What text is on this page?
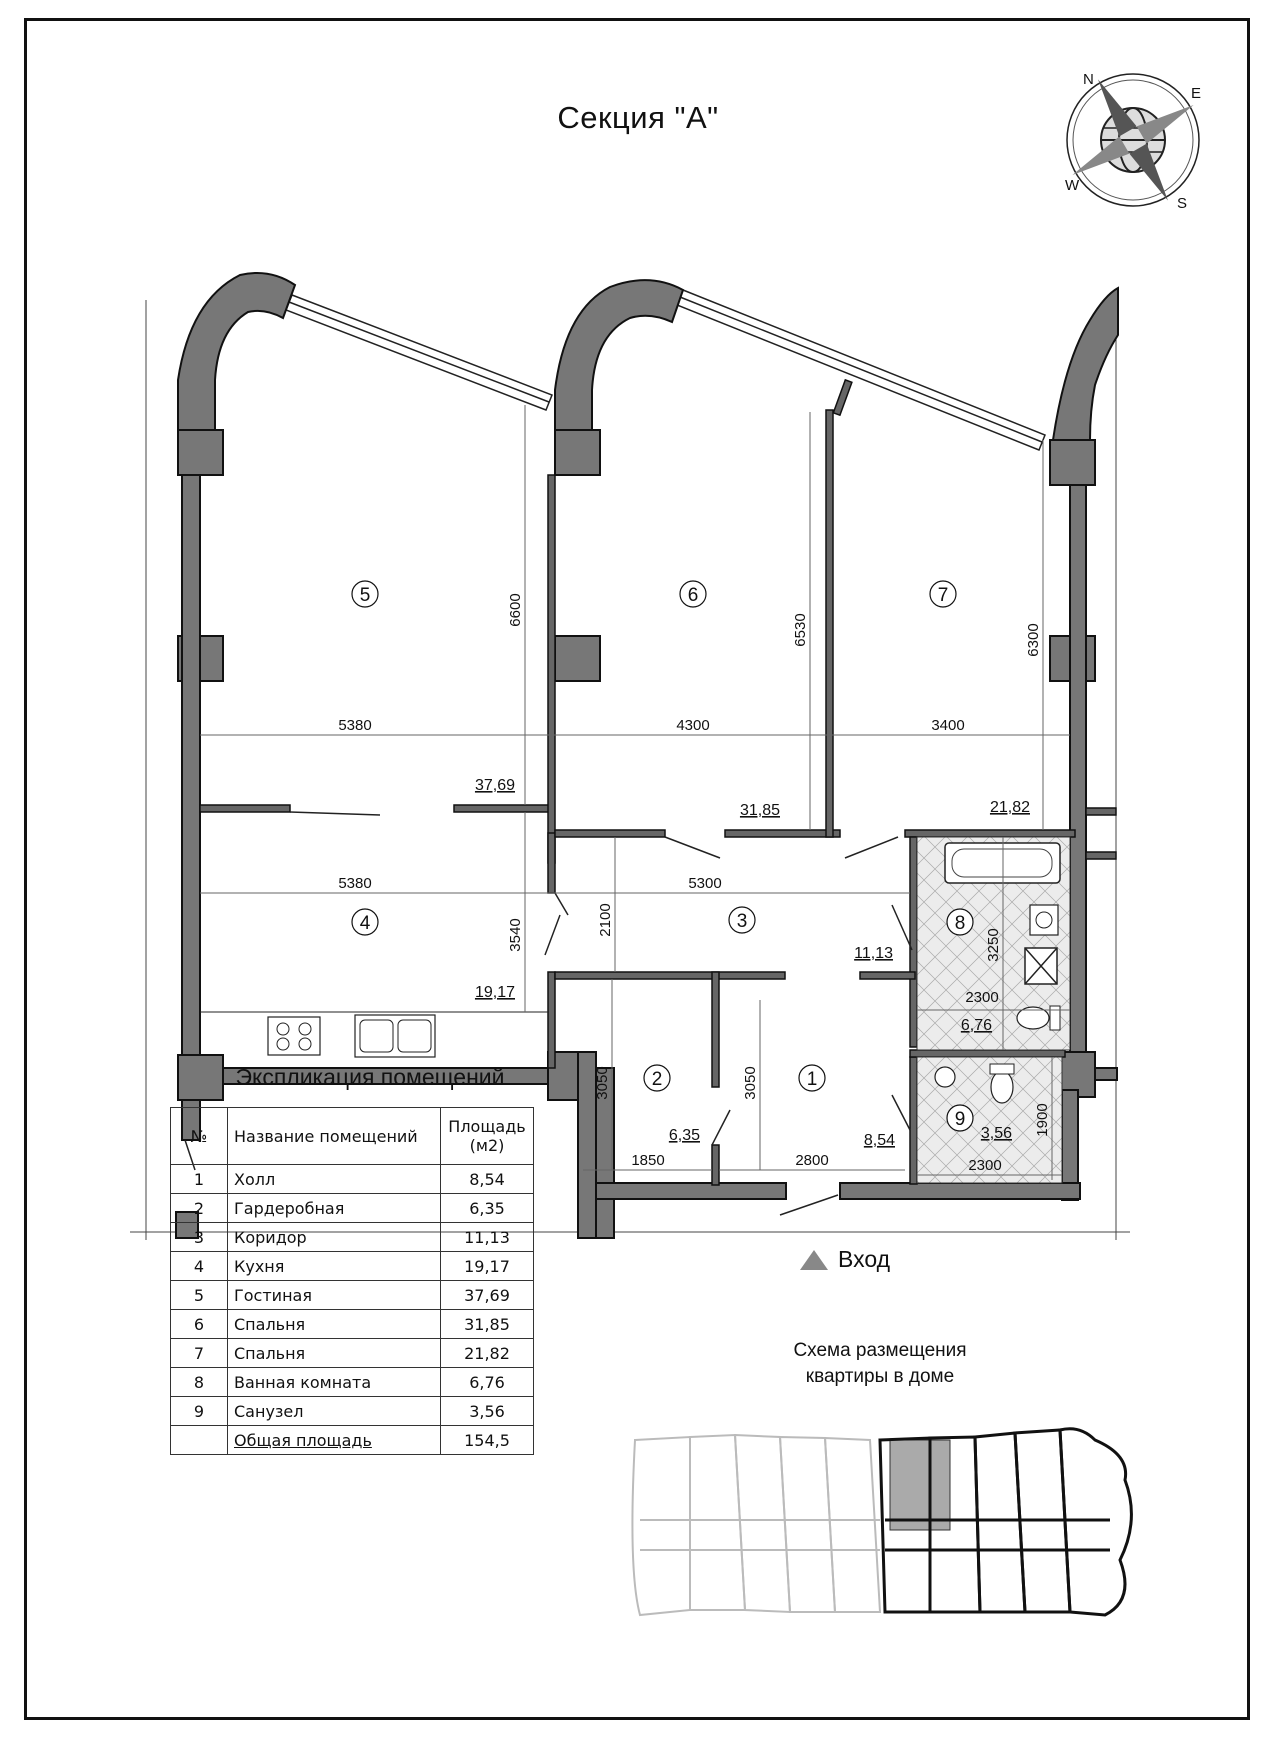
Секция "А"
N
E
S
W
5380	4300	3400
5380	5300
6600
6530	6300
3540	2100
3250
2300
3050	3050
1850	2800
1900
2300
1
2
3
4
5	6	7
8
9
8,54
6,35
11,13
19,17
37,69
31,85	21,82
6,76
3,56
Вход
Экспликация помещений
№	Название помещений	Площадь (м2)
1	Холл	8,54
2	Гардеробная	6,35
3	Коридор	11,13
4	Кухня	19,17
5	Гостиная	37,69
6	Спальня	31,85
7	Спальня	21,82
8	Ванная комната	6,76
9	Санузел	3,56
	Общая площадь	154,5
Схема размещения
квартиры в доме
